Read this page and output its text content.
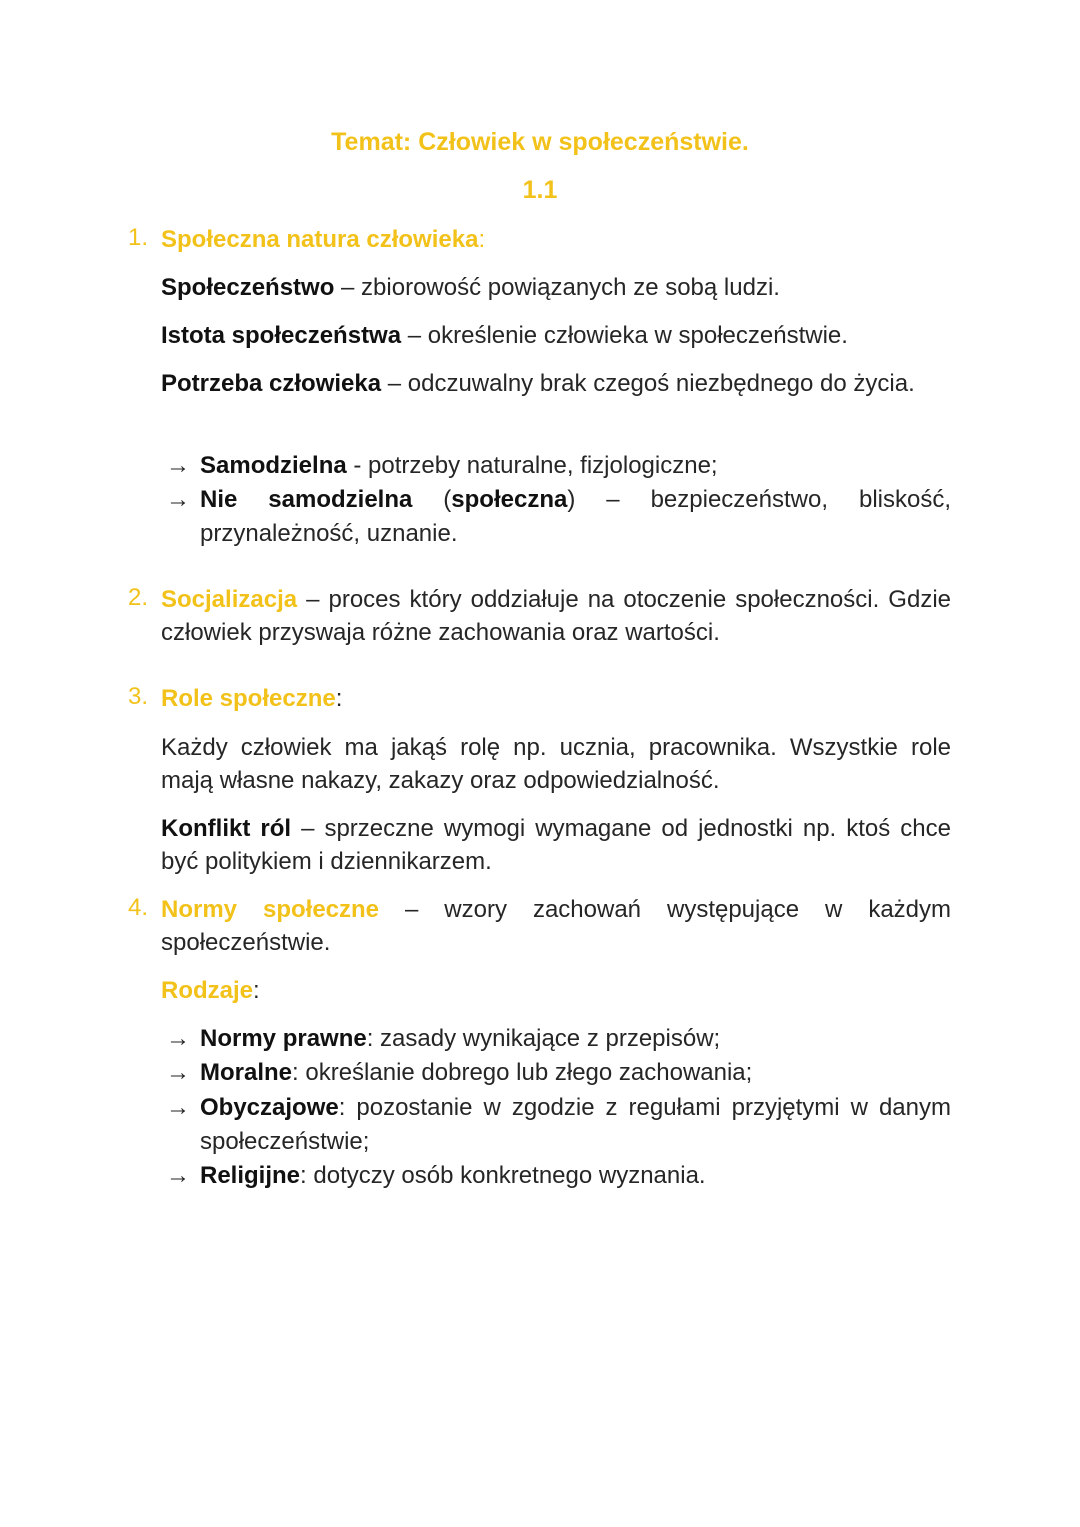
Temat: Człowiek w społeczeństwie.
1.1
1. Społeczna natura człowieka:
Społeczeństwo – zbiorowość powiązanych ze sobą ludzi.
Istota społeczeństwa – określenie człowieka w społeczeństwie.
Potrzeba człowieka – odczuwalny brak czegoś niezbędnego do życia.
→ Samodzielna - potrzeby naturalne, fizjologiczne;
→ Nie samodzielna (społeczna) – bezpieczeństwo, bliskość, przynależność, uznanie.
2. Socjalizacja – proces który oddziałuje na otoczenie społeczności. Gdzie człowiek przyswaja różne zachowania oraz wartości.
3. Role społeczne:
Każdy człowiek ma jakąś rolę np. ucznia, pracownika. Wszystkie role mają własne nakazy, zakazy oraz odpowiedzialność.
Konflikt ról – sprzeczne wymogi wymagane od jednostki np. ktoś chce być politykiem i dziennikarzem.
4. Normy społeczne – wzory zachowań występujące w każdym społeczeństwie.
Rodzaje:
→ Normy prawne: zasady wynikające z przepisów;
→ Moralne: określanie dobrego lub złego zachowania;
→ Obyczajowe: pozostanie w zgodzie z regułami przyjętymi w danym społeczeństwie;
→ Religijne: dotyczy osób konkretnego wyznania.
